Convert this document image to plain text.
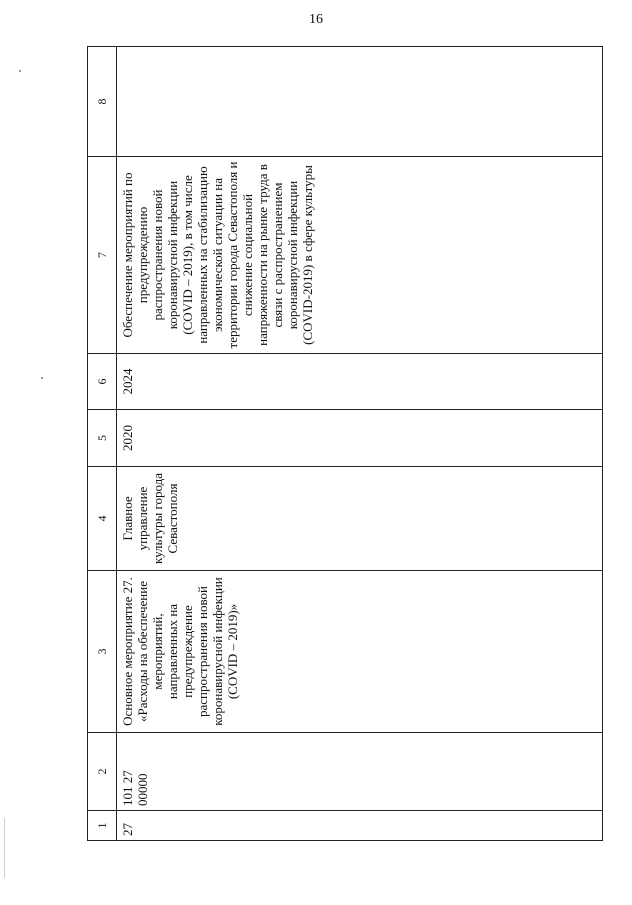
16
1	2	3	4	5	6	7	8
27	101 27 00000	Основное мероприятие 27. «Расходы на обеспечение мероприятий, направленных на предупреждение распространения новой коронавирусной инфекции (COVID – 2019)»	Главное управление культуры города Севастополя	2020	2024	Обеспечение мероприятий по предупреждению распространения новой коронавирусной инфекции (COVID – 2019), в том числе направленных на стабилизацию экономической ситуации на территории города Севастополя и снижение социальной напряженности на рынке труда в связи с распространением коронавирусной инфекции (COVID-2019) в сфере культуры	
